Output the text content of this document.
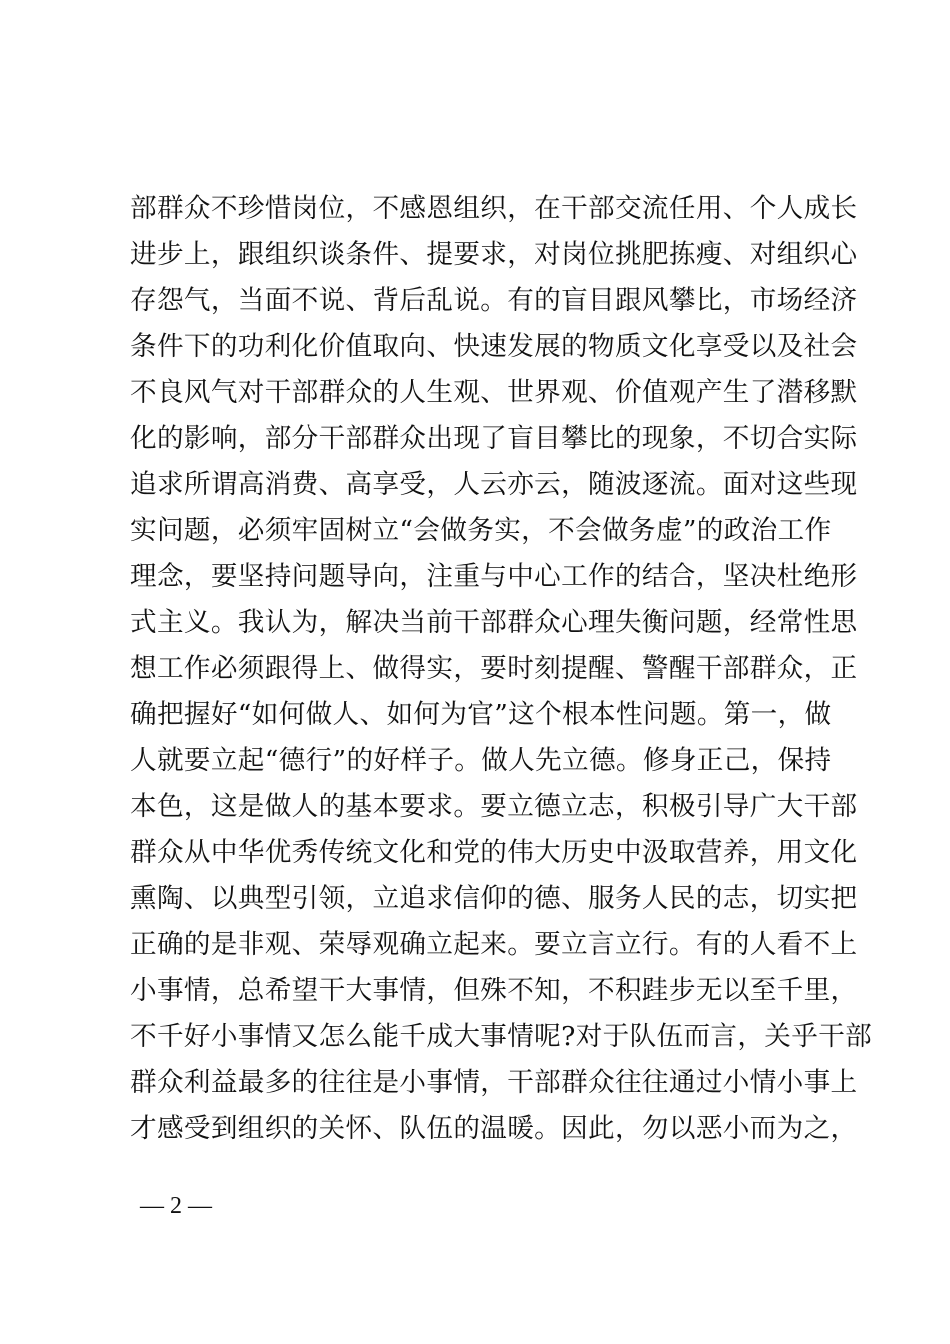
部群众不珍惜岗位，不感恩组织，在干部交流任用、个人成长
进步上，跟组织谈条件、提要求，对岗位挑肥拣瘦、对组织心
存怨气，当面不说、背后乱说。有的盲目跟风攀比，市场经济
条件下的功利化价值取向、快速发展的物质文化享受以及社会
不良风气对干部群众的人生观、世界观、价值观产生了潜移默
化的影响，部分干部群众出现了盲目攀比的现象，不切合实际
追求所谓高消费、高享受，人云亦云，随波逐流。面对这些现
实问题，必须牢固树立“会做务实，不会做务虚”的政治工作
理念，要坚持问题导向，注重与中心工作的结合，坚决杜绝形
式主义。我认为，解决当前干部群众心理失衡问题，经常性思
想工作必须跟得上、做得实，要时刻提醒、警醒干部群众，正
确把握好“如何做人、如何为官”这个根本性问题。第一，做
人就要立起“德行”的好样子。做人先立德。修身正己，保持
本色，这是做人的基本要求。要立德立志，积极引导广大干部
群众从中华优秀传统文化和党的伟大历史中汲取营养，用文化
熏陶、以典型引领，立追求信仰的德、服务人民的志，切实把
正确的是非观、荣辱观确立起来。要立言立行。有的人看不上
小事情，总希望干大事情，但殊不知，不积跬步无以至千里，
不千好小事情又怎么能千成大事情呢?对于队伍而言，关乎干部
群众利益最多的往往是小事情，干部群众往往通过小情小事上
才感受到组织的关怀、队伍的温暖。因此，勿以恶小而为之，
— 2 —
